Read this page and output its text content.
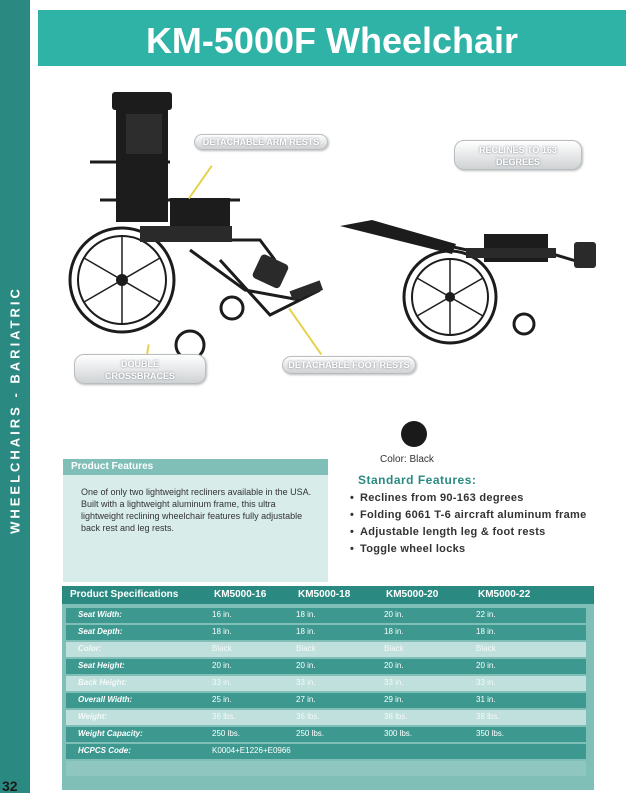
WHEELCHAIRS - BARIATRIC
32
KM-5000F Wheelchair
DETACHABLE ARM RESTS
RECLINES TO 163 DEGREES
DOUBLE CROSSBRACES
DETACHABLE FOOT RESTS
Color: Black
Product Features
One of only two lightweight recliners available in the USA. Built with a lightweight aluminum frame, this ultra lightweight reclining wheelchair features fully adjustable back rest and leg rests.
Standard Features:
• Reclines from 90-163 degrees
• Folding 6061 T-6 aircraft aluminum frame
• Adjustable length leg & foot rests
• Toggle wheel locks
Product Specifications	KM5000-16	KM5000-18	KM5000-20	KM5000-22
Seat Width:	16 in.	18 in.	20 in.	22 in.
Seat Depth:	18 in.	18 in.	18 in.	18 in.
Color:	Black	Black	Black	Black
Seat Height:	20 in.	20 in.	20 in.	20 in.
Back Height:	33 in.	33 in.	33 in.	33 in.
Overall Width:	25 in.	27 in.	29 in.	31 in.
Weight:	36 lbs.	36 lbs.	38 lbs.	38 lbs.
Weight Capacity:	250 lbs.	250 lbs.	300 lbs.	350 lbs.
HCPCS Code:	K0004+E1226+E0966
